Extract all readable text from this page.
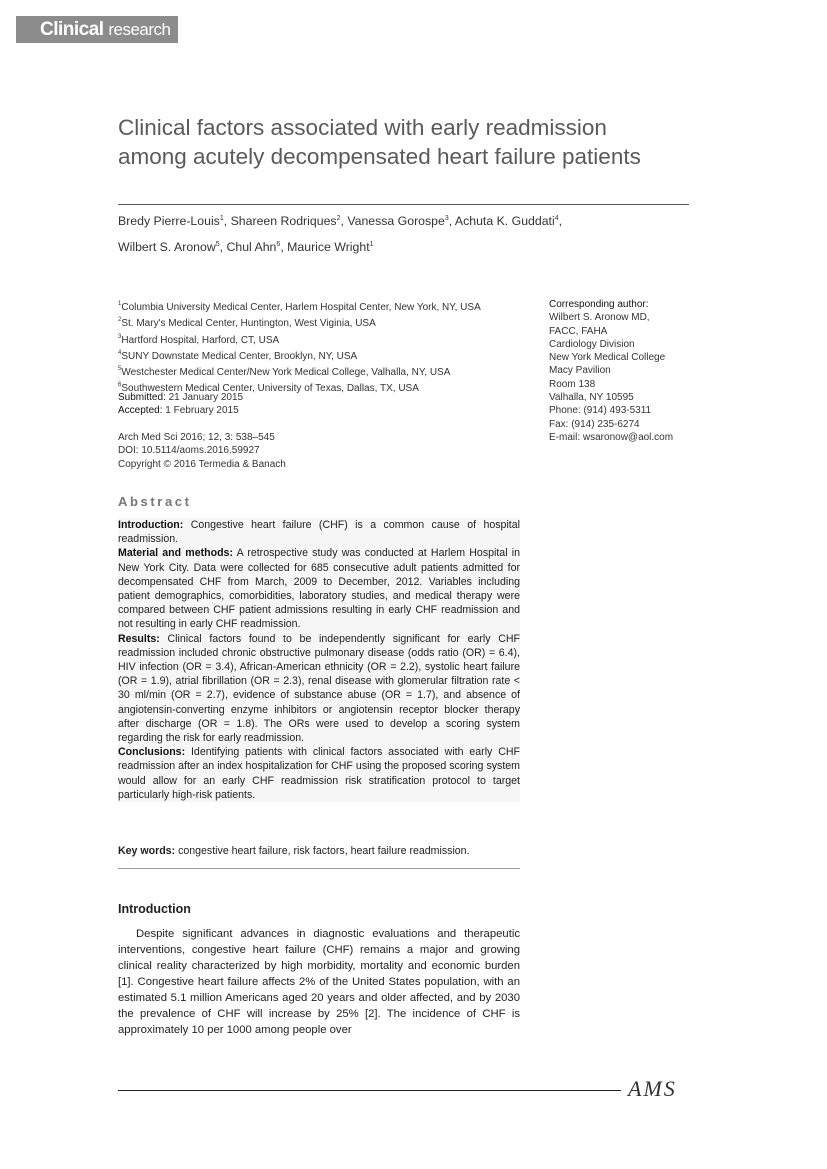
Clinical research
Clinical factors associated with early readmission
among acutely decompensated heart failure patients
Bredy Pierre-Louis$^1$, Shareen Rodriques$^2$, Vanessa Gorospe$^3$, Achuta K. Guddati$^4$,
Wilbert S. Aronow$^5$, Chul Ahn$^6$, Maurice Wright$^1$
$^1$Columbia University Medical Center, Harlem Hospital Center, New York, NY, USA
$^2$St. Mary's Medical Center, Huntington, West Viginia, USA
$^3$Hartford Hospital, Harford, CT, USA
$^4$SUNY Downstate Medical Center, Brooklyn, NY, USA
$^5$Westchester Medical Center/New York Medical College, Valhalla, NY, USA
$^6$Southwestern Medical Center, University of Texas, Dallas, TX, USA
Submitted: 21 January 2015
Accepted: 1 February 2015
Arch Med Sci 2016; 12, 3: 538–545
DOI: 10.5114/aoms.2016.59927
Copyright © 2016 Termedia & Banach
Corresponding author:
Wilbert S. Aronow MD,
FACC, FAHA
Cardiology Division
New York Medical College
Macy Pavilion
Room 138
Valhalla, NY 10595
Phone: (914) 493-5311
Fax: (914) 235-6274
E-mail: wsaronow@aol.com
Abstract

Introduction: Congestive heart failure (CHF) is a common cause of hospital readmission.

Material and methods: A retrospective study was conducted at Harlem Hospital in New York City. Data were collected for 685 consecutive adult patients admitted for decompensated CHF from March, 2009 to December, 2012. Variables including patient demographics, comorbidities, laboratory studies, and medical therapy were compared between CHF patient admissions resulting in early CHF readmission and not resulting in early CHF readmission.

Results: Clinical factors found to be independently significant for early CHF readmission included chronic obstructive pulmonary disease (odds ratio (OR) = 6.4), HIV infection (OR = 3.4), African-American ethnicity (OR = 2.2), systolic heart failure (OR = 1.9), atrial fibrillation (OR = 2.3), renal disease with glomerular filtration rate < 30 ml/min (OR = 2.7), evidence of substance abuse (OR = 1.7), and absence of angiotensin-converting enzyme inhibitors or angiotensin receptor blocker therapy after discharge (OR = 1.8). The ORs were used to develop a scoring system regarding the risk for early readmission.

Conclusions: Identifying patients with clinical factors associated with early CHF readmission after an index hospitalization for CHF using the proposed scoring system would allow for an early CHF readmission risk stratification protocol to target particularly high-risk patients.

Key words: congestive heart failure, risk factors, heart failure readmission.
Introduction

Despite significant advances in diagnostic evaluations and therapeutic interventions, congestive heart failure (CHF) remains a major and growing clinical reality characterized by high morbidity, mortality and economic burden [1]. Congestive heart failure affects 2% of the United States population, with an estimated 5.1 million Americans aged 20 years and older affected, and by 2030 the prevalence of CHF will increase by 25% [2]. The incidence of CHF is approximately 10 per 1000 among people over

AMS
